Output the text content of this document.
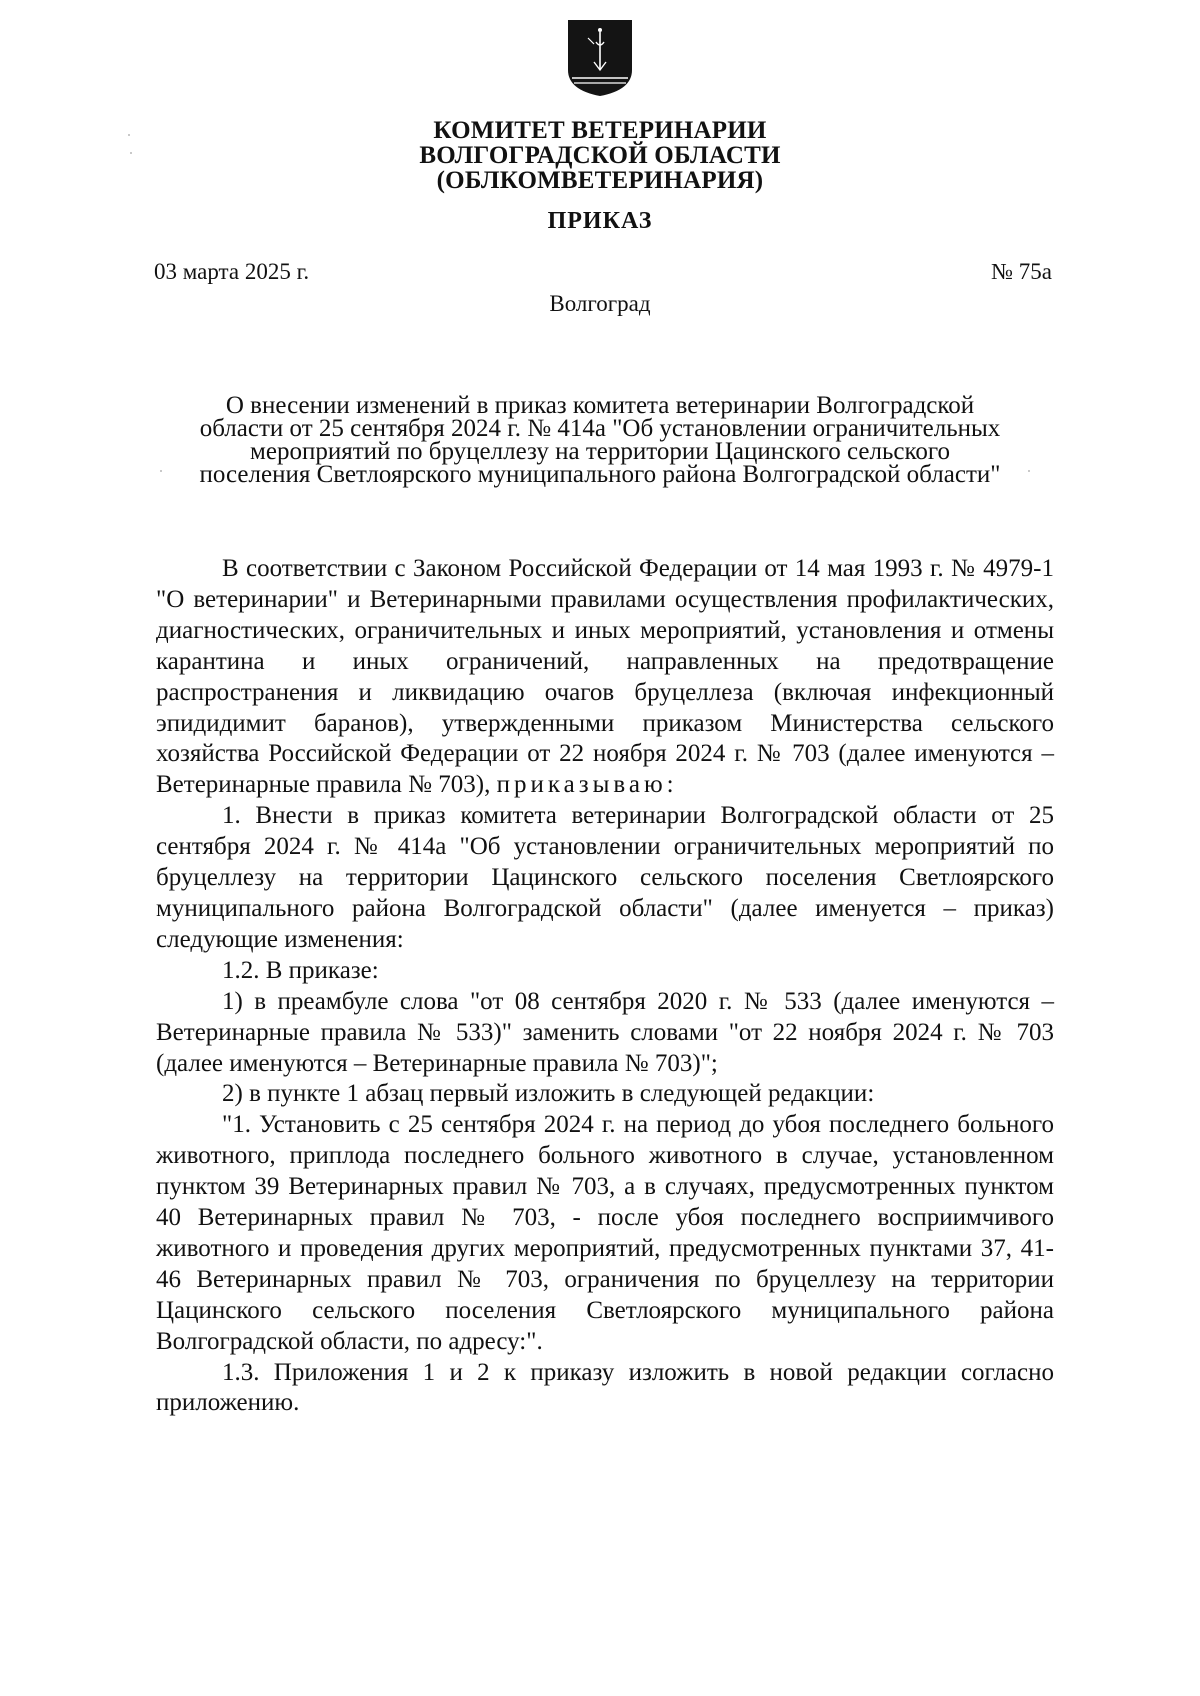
КОМИТЕТ ВЕТЕРИНАРИИ
ВОЛГОГРАДСКОЙ ОБЛАСТИ
(ОБЛКОМВЕТЕРИНАРИЯ)
ПРИКАЗ
03 марта 2025 г.	№ 75а
Волгоград
О внесении изменений в приказ комитета ветеринарии Волгоградской
области от 25 сентября 2024 г. № 414а "Об установлении ограничительных
мероприятий по бруцеллезу на территории Цацинского сельского
поселения Светлоярского муниципального района Волгоградской области"

В соответствии с Законом Российской Федерации от 14 мая 1993 г. № 4979-1 "О ветеринарии" и Ветеринарными правилами осуществления профилактических, диагностических, ограничительных и иных мероприятий, установления и отмены карантина и иных ограничений, направленных на предотвращение распространения и ликвидацию очагов бруцеллеза (включая инфекционный эпидидимит баранов), утвержденными приказом Министерства сельского хозяйства Российской Федерации от 22 ноября 2024 г. № 703 (далее именуются – Ветеринарные правила № 703), приказываю:

1. Внести в приказ комитета ветеринарии Волгоградской области от 25 сентября 2024 г. № 414а "Об установлении ограничительных мероприятий по бруцеллезу на территории Цацинского сельского поселения Светлоярского муниципального района Волгоградской области" (далее именуется – приказ) следующие изменения:

1.2. В приказе:

1) в преамбуле слова "от 08 сентября 2020 г. № 533 (далее именуются – Ветеринарные правила № 533)" заменить словами "от 22 ноября 2024 г. № 703 (далее именуются – Ветеринарные правила № 703)";

2) в пункте 1 абзац первый изложить в следующей редакции:

"1. Установить с 25 сентября 2024 г. на период до убоя последнего больного животного, приплода последнего больного животного в случае, установленном пунктом 39 Ветеринарных правил № 703, а в случаях, предусмотренных пунктом 40 Ветеринарных правил № 703, - после убоя последнего восприимчивого животного и проведения других мероприятий, предусмотренных пунктами 37, 41-46 Ветеринарных правил № 703, ограничения по бруцеллезу на территории Цацинского сельского поселения Светлоярского муниципального района Волгоградской области, по адресу:".

1.3. Приложения 1 и 2 к приказу изложить в новой редакции согласно приложению.
